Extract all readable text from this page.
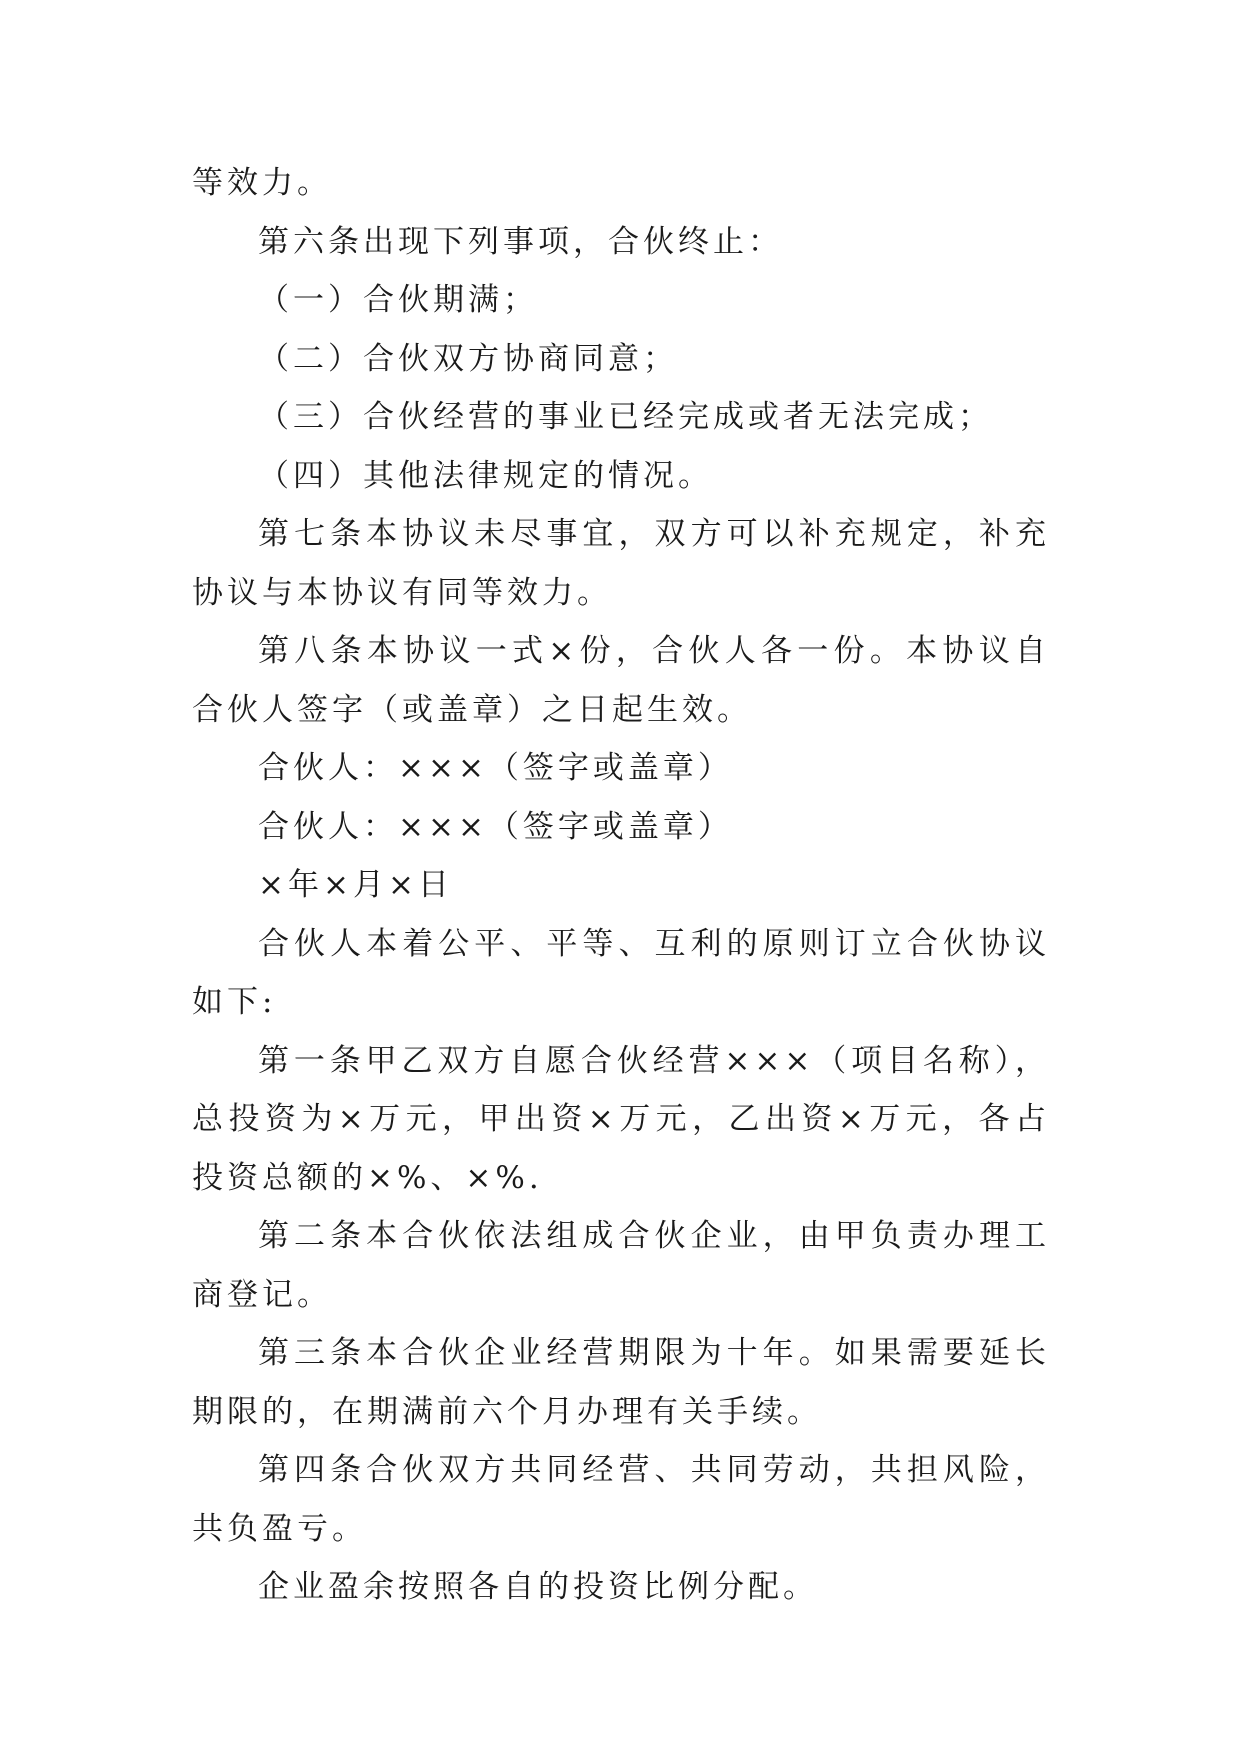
等效力。

第六条出现下列事项，合伙终止：

（一）合伙期满；

（二）合伙双方协商同意；

（三）合伙经营的事业已经完成或者无法完成；

（四）其他法律规定的情况。

第七条本协议未尽事宜，双方可以补充规定，补充协议与本协议有同等效力。

第八条本协议一式×份，合伙人各一份。本协议自合伙人签字（或盖章）之日起生效。

合伙人：×××（签字或盖章）

合伙人：×××（签字或盖章）

×年×月×日

合伙人本着公平、平等、互利的原则订立合伙协议如下:

第一条甲乙双方自愿合伙经营×××（项目名称），总投资为×万元，甲出资×万元，乙出资×万元，各占投资总额的×%、×%.

第二条本合伙依法组成合伙企业，由甲负责办理工商登记。

第三条本合伙企业经营期限为十年。如果需要延长期限的，在期满前六个月办理有关手续。

第四条合伙双方共同经营、共同劳动，共担风险，共负盈亏。

企业盈余按照各自的投资比例分配。
